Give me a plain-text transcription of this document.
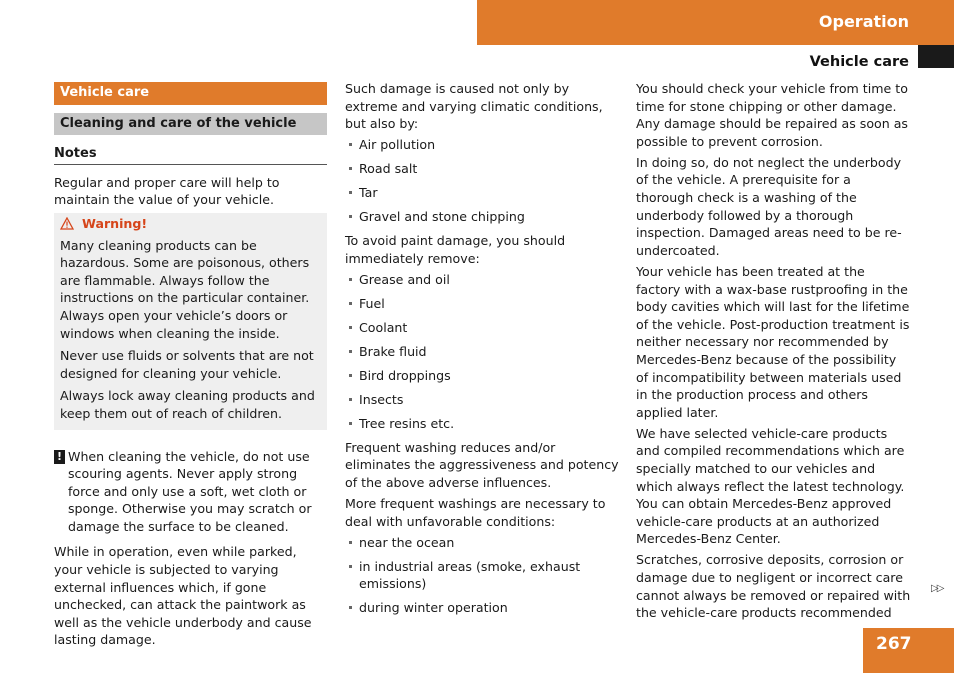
Operation
Vehicle care
Vehicle care
Cleaning and care of the vehicle
Notes

Regular and proper care will help to maintain the value of your vehicle.

Warning!

Many cleaning products can be hazardous. Some are poisonous, others are flammable. Always follow the instructions on the particular container. Always open your vehicle’s doors or windows when cleaning the inside.

Never use fluids or solvents that are not designed for cleaning your vehicle.

Always lock away cleaning products and keep them out of reach of children.

! When cleaning the vehicle, do not use scouring agents. Never apply strong force and only use a soft, wet cloth or sponge. Otherwise you may scratch or damage the surface to be cleaned.

While in operation, even while parked, your vehicle is subjected to varying external influences which, if gone unchecked, can attack the paintwork as well as the vehicle underbody and cause lasting damage.

Such damage is caused not only by extreme and varying climatic conditions, but also by:

Air pollution
Road salt
Tar
Gravel and stone chipping

To avoid paint damage, you should immediately remove:

Grease and oil
Fuel
Coolant
Brake fluid
Bird droppings
Insects
Tree resins etc.

Frequent washing reduces and/or eliminates the aggressiveness and potency of the above adverse influences.

More frequent washings are necessary to deal with unfavorable conditions:

near the ocean
in industrial areas (smoke, exhaust emissions)
during winter operation

You should check your vehicle from time to time for stone chipping or other damage. Any damage should be repaired as soon as possible to prevent corrosion.

In doing so, do not neglect the underbody of the vehicle. A prerequisite for a thorough check is a washing of the underbody followed by a thorough inspection. Damaged areas need to be re-undercoated.

Your vehicle has been treated at the factory with a wax-base rustproofing in the body cavities which will last for the lifetime of the vehicle. Post-production treatment is neither necessary nor recommended by Mercedes-Benz because of the possibility of incompatibility between materials used in the production process and others applied later.

We have selected vehicle-care products and compiled recommendations which are specially matched to our vehicles and which always reflect the latest technology. You can obtain Mercedes-Benz approved vehicle-care products at an authorized Mercedes-Benz Center.

Scratches, corrosive deposits, corrosion or damage due to negligent or incorrect care cannot always be removed or repaired with the vehicle-care products recommended

▷▷
267
